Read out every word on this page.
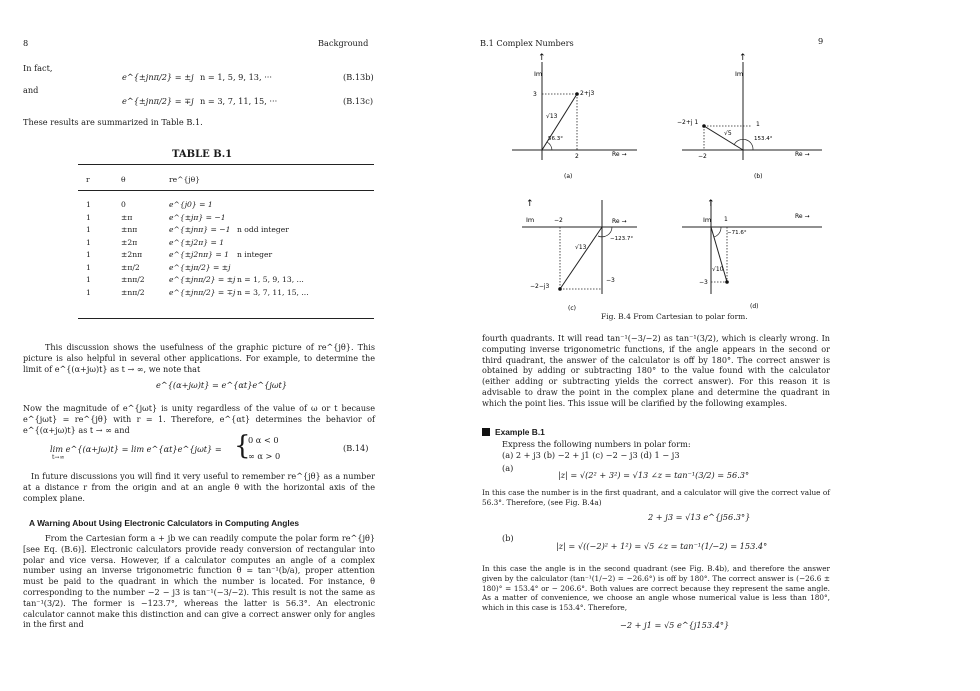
8	Background
In fact,
e^{±jnπ/2} = ±j n = 1, 5, 9, 13, ···	(B.13b)
and
e^{±jnπ/2} = ∓j n = 3, 7, 11, 15, ···	(B.13c)
These results are summarized in Table B.1.
TABLE B.1
r	θ	re^{jθ}	

1	0	e^{j0} = 1	
1	±π	e^{±jπ} = −1	
1	±nπ	e^{±jnπ} = −1	n odd integer
1	±2π	e^{±j2π} = 1	
1	±2nπ	e^{±j2nπ} = 1	n integer
1	±π/2	e^{±jπ/2} = ±j	
1	±nπ/2	e^{±jnπ/2} = ±j	n = 1, 5, 9, 13, ...
1	±nπ/2	e^{±jnπ/2} = ∓j	n = 3, 7, 11, 15, ...
This discussion shows the usefulness of the graphic picture of re^{jθ}. This picture is also helpful in several other applications. For example, to determine the limit of e^{(α+jω)t} as t → ∞, we note that
e^{(α+jω)t} = e^{αt}e^{jωt}
Now the magnitude of e^{jωt} is unity regardless of the value of ω or t because e^{jωt} = re^{jθ} with r = 1. Therefore, e^{αt} determines the behavior of e^{(α+jω)t} as t → ∞ and
lim e^{(α+jω)t} = lim e^{αt}e^{jωt} =
t→∞	{
0 α < 0
∞ α > 0
(B.14)
In future discussions you will find it very useful to remember re^{jθ} as a number at a distance r from the origin and at an angle θ with the horizontal axis of the complex plane.
A Warning About Using Electronic Calculators in Computing Angles
From the Cartesian form a + jb we can readily compute the polar form re^{jθ} [see Eq. (B.6)]. Electronic calculators provide ready conversion of rectangular into polar and vice versa. However, if a calculator computes an angle of a complex number using an inverse trigonometric function θ = tan⁻¹(b/a), proper attention must be paid to the quadrant in which the number is located. For instance, θ corresponding to the number −2 − j3 is tan⁻¹(−3/−2). This result is not the same as tan⁻¹(3/2). The former is −123.7°, whereas the latter is 56.3°. An electronic calculator cannot make this distinction and can give a correct answer only for angles in the first and
B.1 Complex Numbers	9
↑
Im
Re →
2+j3
3
2
√13
56.3°
(a)
↑
Im
Re →
−2+j 1	1
−2
√5
153.4°
(b)
↑
Im	Re →
−2−j3
−2
−3
√13
−123.7°
(c)
↑
Im	Re →
1
−3
√10
−71.6°
(d)
Fig. B.4 From Cartesian to polar form.
fourth quadrants. It will read tan⁻¹(−3/−2) as tan⁻¹(3/2), which is clearly wrong. In computing inverse trigonometric functions, if the angle appears in the second or third quadrant, the answer of the calculator is off by 180°. The correct answer is obtained by adding or subtracting 180° to the value found with the calculator (either adding or subtracting yields the correct answer). For this reason it is advisable to draw the point in the complex plane and determine the quadrant in which the point lies. This issue will be clarified by the following examples.
Example B.1
Express the following numbers in polar form:
(a) 2 + j3 (b) −2 + j1 (c) −2 − j3 (d) 1 − j3
(a)
|z| = √(2² + 3²) = √13 ∠z = tan⁻¹(3/2) = 56.3°
In this case the number is in the first quadrant, and a calculator will give the correct value of 56.3°. Therefore, (see Fig. B.4a)
2 + j3 = √13 e^{j56.3°}
(b)
|z| = √((−2)² + 1²) = √5 ∠z = tan⁻¹(1/−2) = 153.4°
In this case the angle is in the second quadrant (see Fig. B.4b), and therefore the answer given by the calculator (tan⁻¹(1/−2) = −26.6°) is off by 180°. The correct answer is (−26.6 ± 180)° = 153.4° or − 206.6°. Both values are correct because they represent the same angle. As a matter of convenience, we choose an angle whose numerical value is less than 180°, which in this case is 153.4°. Therefore,
−2 + j1 = √5 e^{j153.4°}
